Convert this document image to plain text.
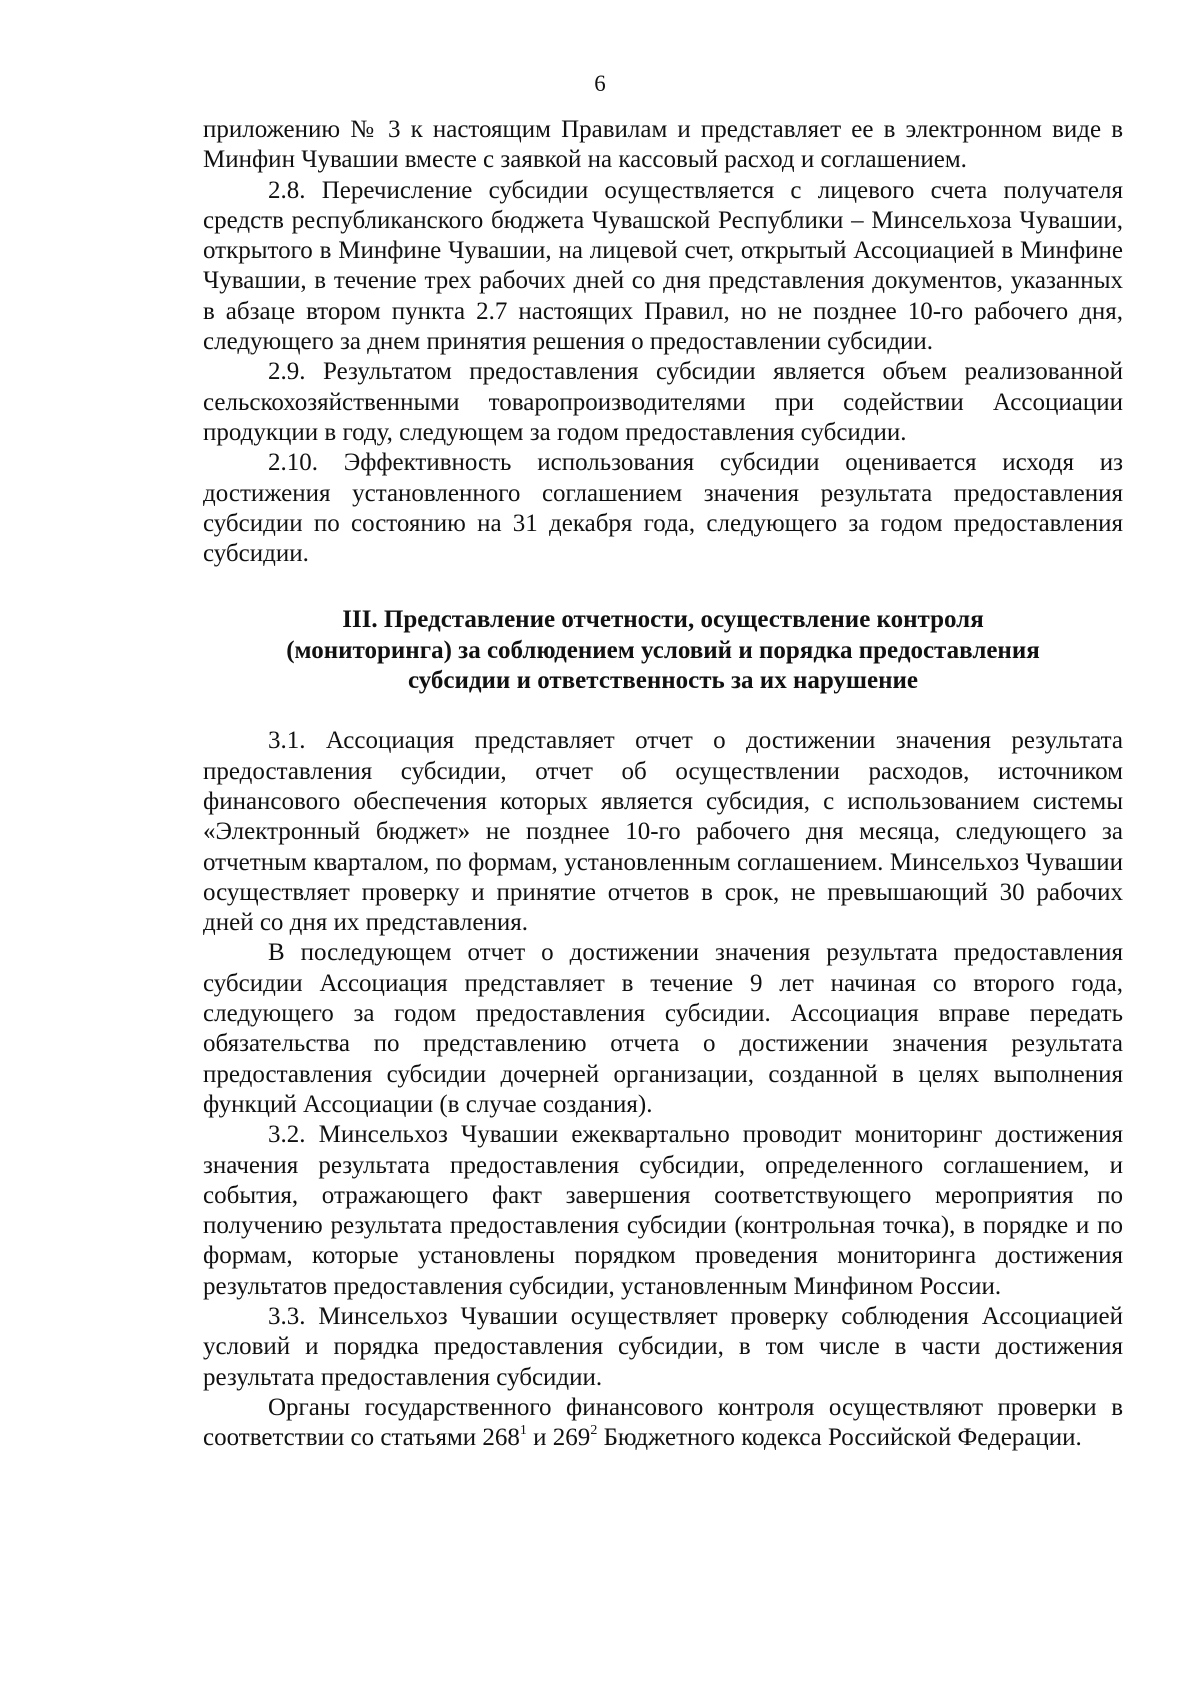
6

приложению № 3 к настоящим Правилам и представляет ее в электронном виде в Минфин Чувашии вместе с заявкой на кассовый расход и соглашением.

2.8. Перечисление субсидии осуществляется с лицевого счета получателя средств республиканского бюджета Чувашской Республики – Минсельхоза Чувашии, открытого в Минфине Чувашии, на лицевой счет, открытый Ассоциацией в Минфине Чувашии, в течение трех рабочих дней со дня представления документов, указанных в абзаце втором пункта 2.7 настоящих Правил, но не позднее 10-го рабочего дня, следующего за днем принятия решения о предоставлении субсидии.

2.9. Результатом предоставления субсидии является объем реализованной сельскохозяйственными товаропроизводителями при содействии Ассоциации продукции в году, следующем за годом предоставления субсидии.

2.10. Эффективность использования субсидии оценивается исходя из достижения установленного соглашением значения результата предоставления субсидии по состоянию на 31 декабря года, следующего за годом предоставления субсидии.

III. Представление отчетности, осуществление контроля
(мониторинга) за соблюдением условий и порядка предоставления
субсидии и ответственность за их нарушение

3.1. Ассоциация представляет отчет о достижении значения результата предоставления субсидии, отчет об осуществлении расходов, источником финансового обеспечения которых является субсидия, с использованием системы «Электронный бюджет» не позднее 10-го рабочего дня месяца, следующего за отчетным кварталом, по формам, установленным соглашением. Минсельхоз Чувашии осуществляет проверку и принятие отчетов в срок, не превышающий 30 рабочих дней со дня их представления.

В последующем отчет о достижении значения результата предоставления субсидии Ассоциация представляет в течение 9 лет начиная со второго года, следующего за годом предоставления субсидии. Ассоциация вправе передать обязательства по представлению отчета о достижении значения результата предоставления субсидии дочерней организации, созданной в целях выполнения функций Ассоциации (в случае создания).

3.2. Минсельхоз Чувашии ежеквартально проводит мониторинг достижения значения результата предоставления субсидии, определенного соглашением, и события, отражающего факт завершения соответствующего мероприятия по получению результата предоставления субсидии (контрольная точка), в порядке и по формам, которые установлены порядком проведения мониторинга достижения результатов предоставления субсидии, установленным Минфином России.

3.3. Минсельхоз Чувашии осуществляет проверку соблюдения Ассоциацией условий и порядка предоставления субсидии, в том числе в части достижения результата предоставления субсидии.

Органы государственного финансового контроля осуществляют проверки в соответствии со статьями $268^1$ и $269^2$ Бюджетного кодекса Российской Федерации.
